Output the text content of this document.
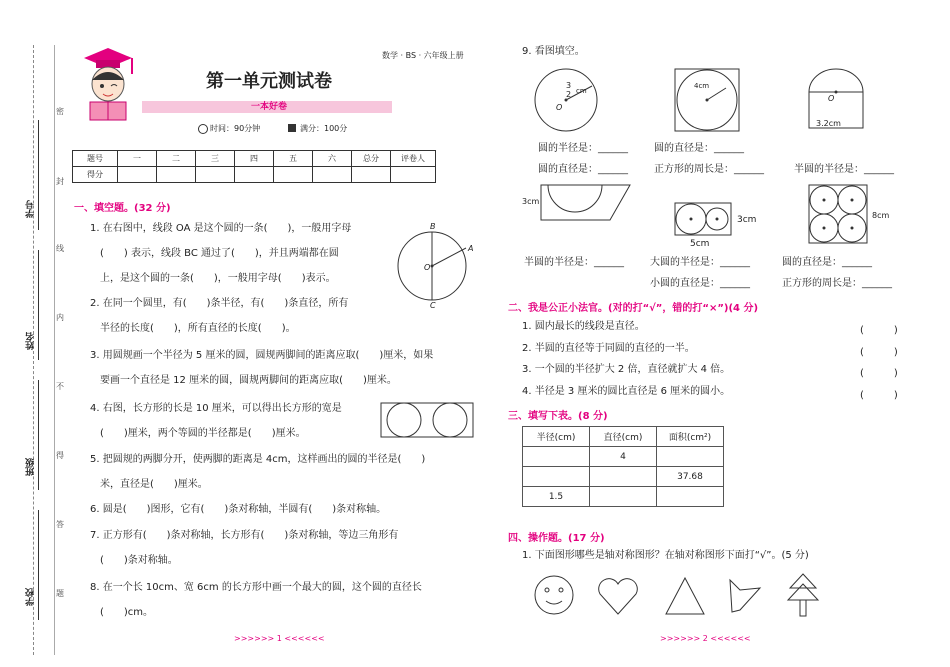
密
封
线
内
不
得
答
题
学号
姓名
班级
学校
数学 · BS · 六年级上册
第一单元测试卷
一本好卷
时间：90分钟	满分：100分
题号	一	二	三	四	五	六	总分	评卷人
得分								
一、填空题。(32 分)
1. 在右图中，线段 OA 是这个圆的一条(　　)，一般用字母
(　　) 表示，线段 BC 通过了(　　)，并且两端都在圆
上，是这个圆的一条(　　)，一般用字母(　　)表示。
B
A
O
C
2. 在同一个圆里，有(　　)条半径，有(　　)条直径，所有
半径的长度(　　)，所有直径的长度(　　)。
3. 用圆规画一个半径为 5 厘米的圆，圆规两脚间的距离应取(　　)厘米，如果
要画一个直径是 12 厘米的圆，圆规两脚间的距离应取(　　)厘米。
4. 右图，长方形的长是 10 厘米，可以得出长方形的宽是
(　　)厘米，两个等圆的半径都是(　　)厘米。
5. 把圆规的两脚分开，使两脚的距离是 4cm，这样画出的圆的半径是(　　)
米，直径是(　　)厘米。
6. 圆是(　　)图形，它有(　　)条对称轴，半圆有(　　)条对称轴。
7. 正方形有(　　)条对称轴，长方形有(　　)条对称轴，等边三角形有
(　　)条对称轴。
8. 在一个长 10cm、宽 6cm 的长方形中画一个最大的圆，这个圆的直径长
(　　)cm。
>>>>>> 1 <<<<<<
9. 看图填空。
3
2 cm
O
4cm
O
3.2cm
圆的半径是：______	圆的直径是：______
圆的直径是：______	正方形的周长是：______	半圆的半径是：______
3cm
3cm
5cm
8cm
半圆的半径是：______	大圆的半径是：______	圆的直径是：______
小圆的直径是：______	正方形的周长是：______
二、我是公正小法官。(对的打“√”，错的打“×”)(4 分)
1. 圆内最长的线段是直径。	(　　　)
2. 半圆的直径等于同圆的直径的一半。	(　　　)
3. 一个圆的半径扩大 2 倍，直径就扩大 4 倍。	(　　　)
4. 半径是 3 厘米的圆比直径是 6 厘米的圆小。	(　　　)
三、填写下表。(8 分)
半径(cm)	直径(cm)	面积(cm²)
	4	
		37.68
1.5		
四、操作题。(17 分)
1. 下面图形哪些是轴对称图形？在轴对称图形下面打“√”。(5 分)
>>>>>> 2 <<<<<<
